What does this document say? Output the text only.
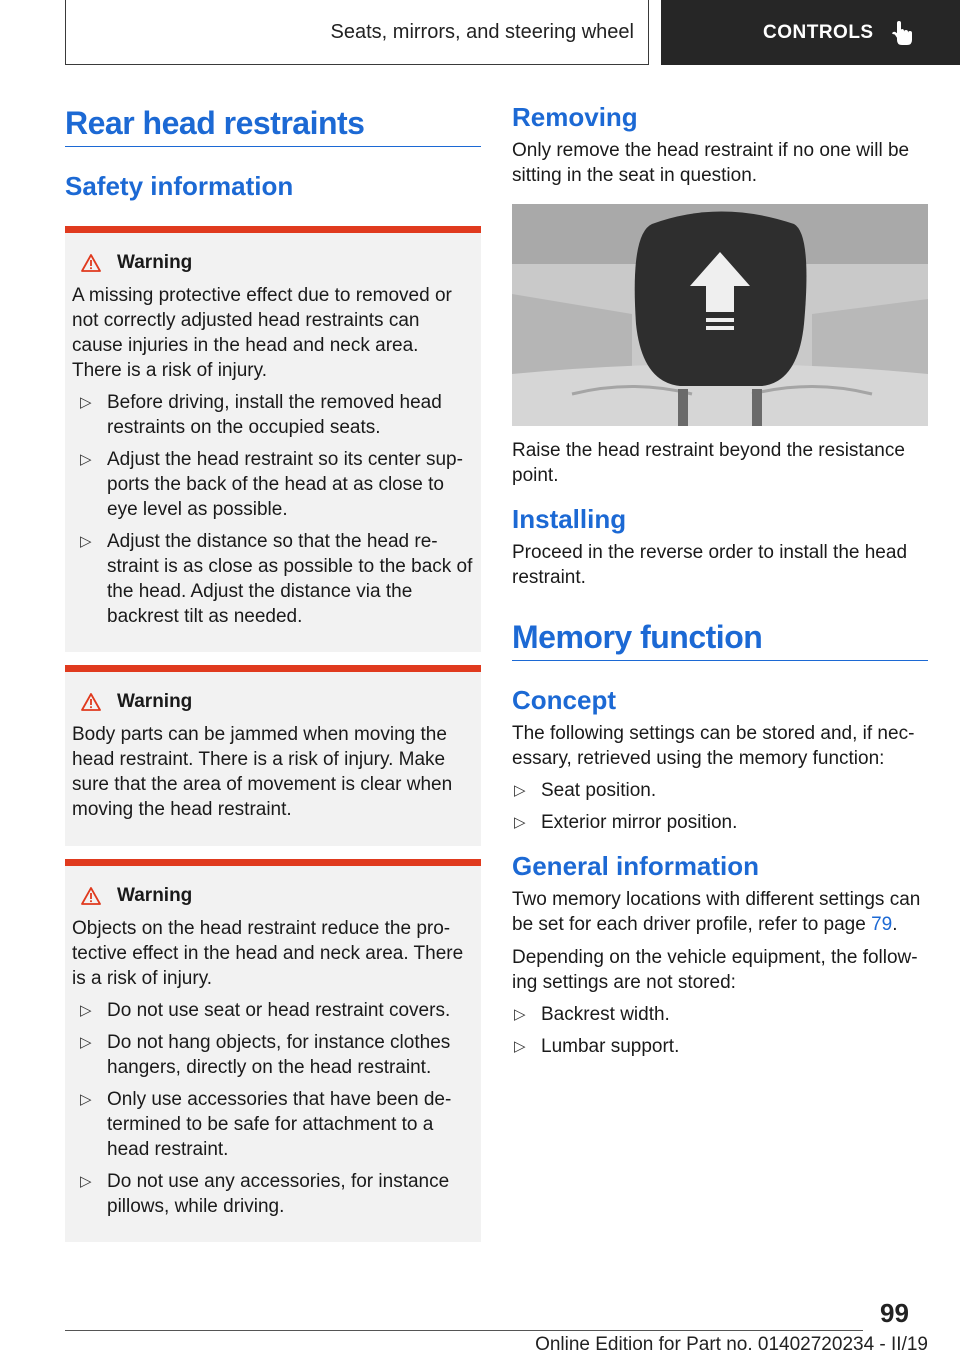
Seats, mirrors, and steering wheel	CONTROLS
Rear head restraints
Safety information
Warning
A missing protective effect due to removed or not correctly adjusted head restraints can cause injuries in the head and neck area. There is a risk of injury.
▷ Before driving, install the removed head restraints on the occupied seats.
▷ Adjust the head restraint so its center sup-ports the back of the head at as close to eye level as possible.
▷ Adjust the distance so that the head re-straint is as close as possible to the back of the head. Adjust the distance via the backrest tilt as needed.
Warning
Body parts can be jammed when moving the head restraint. There is a risk of injury. Make sure that the area of movement is clear when moving the head restraint.
Warning
Objects on the head restraint reduce the pro-tective effect in the head and neck area. There is a risk of injury.
▷ Do not use seat or head restraint covers.
▷ Do not hang objects, for instance clothes hangers, directly on the head restraint.
▷ Only use accessories that have been de-termined to be safe for attachment to a head restraint.
▷ Do not use any accessories, for instance pillows, while driving.
Removing
Only remove the head restraint if no one will be sitting in the seat in question.
Raise the head restraint beyond the resistance point.
Installing
Proceed in the reverse order to install the head restraint.
Memory function
Concept
The following settings can be stored and, if nec-essary, retrieved using the memory function:
▷ Seat position.
▷ Exterior mirror position.
General information
Two memory locations with different settings can be set for each driver profile, refer to page 79.
Depending on the vehicle equipment, the follow-ing settings are not stored:
▷ Backrest width.
▷ Lumbar support.
99
Online Edition for Part no. 01402720234 - II/19
